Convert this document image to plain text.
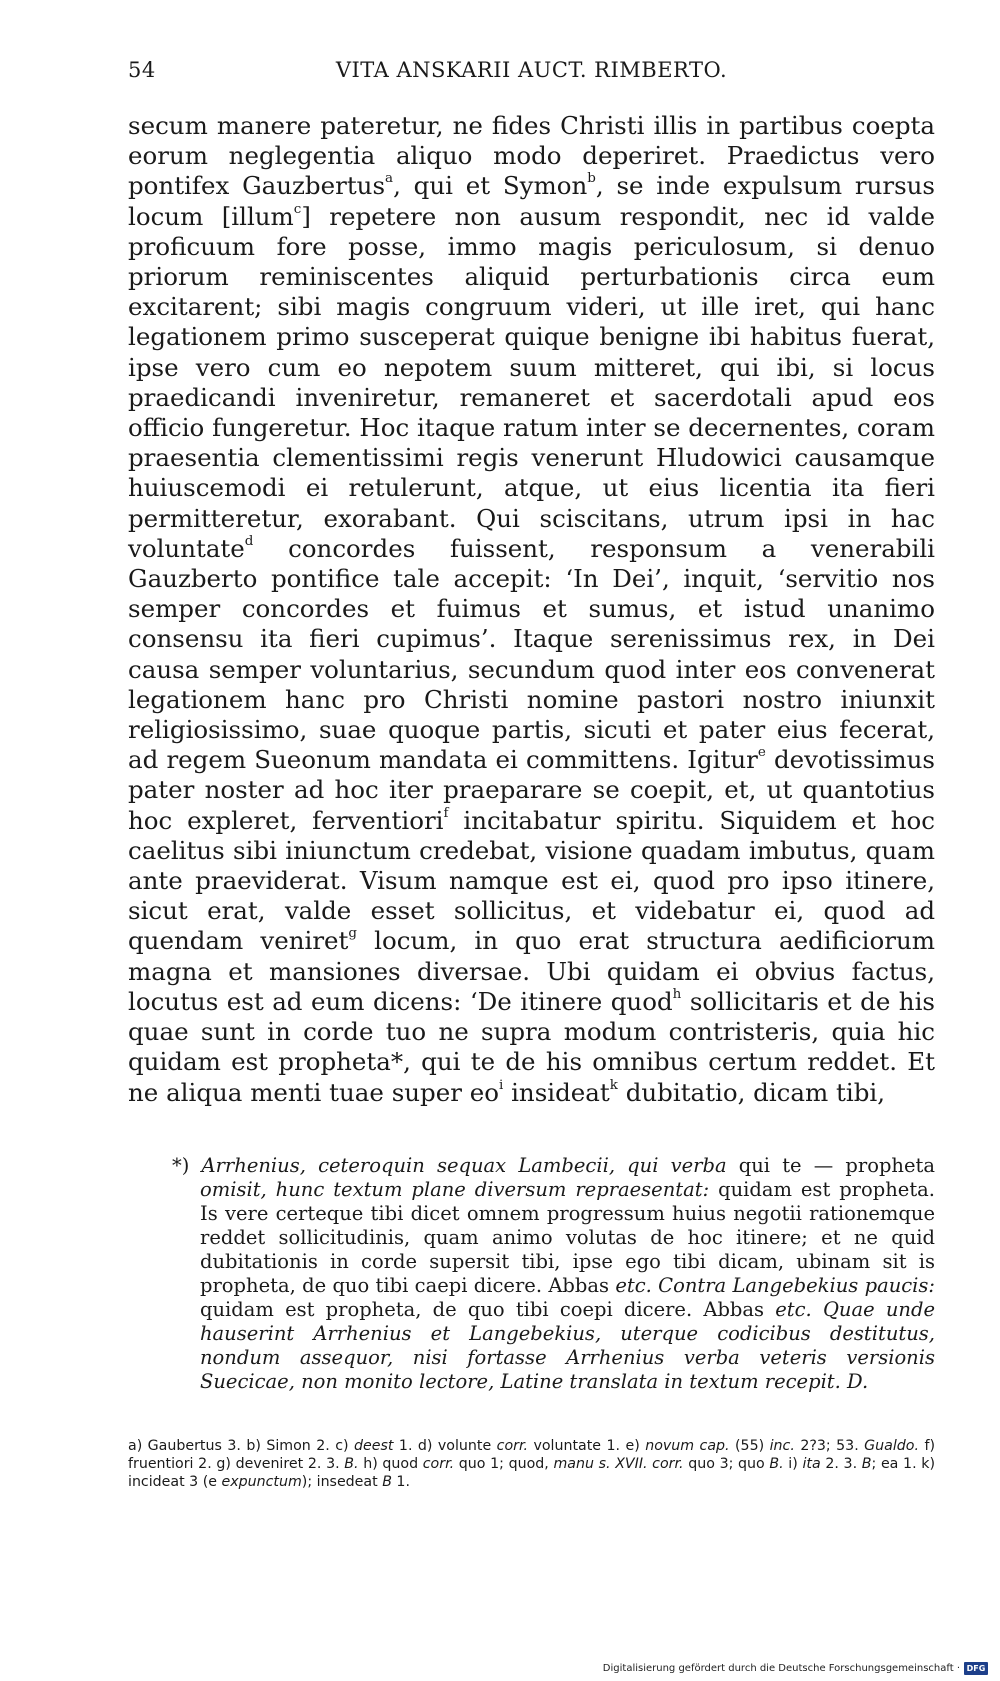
54	VITA ANSKARII AUCT. RIMBERTO.

secum manere pateretur, ne fides Christi illis in partibus coepta eorum neglegentia aliquo modo deperiret. Praedictus vero pontifex Gauzbertus$^a$, qui et Symon$^b$, se inde expulsum rursus locum [illum$^c$] repetere non ausum respondit, nec id valde proficuum fore posse, immo magis periculosum, si denuo priorum reminiscentes aliquid perturbationis circa eum excitarent; sibi magis congruum videri, ut ille iret, qui hanc legationem primo susceperat quique benigne ibi habitus fuerat, ipse vero cum eo nepotem suum mitteret, qui ibi, si locus praedicandi inveniretur, remaneret et sacerdotali apud eos officio fungeretur. Hoc itaque ratum inter se decernentes, coram praesentia clementissimi regis venerunt Hludowici causamque huiuscemodi ei retulerunt, atque, ut eius licentia ita fieri permitteretur, exorabant. Qui sciscitans, utrum ipsi in hac voluntate$^d$ concordes fuissent, responsum a venerabili Gauzberto pontifice tale accepit: ‘In Dei’, inquit, ‘servitio nos semper concordes et fuimus et sumus, et istud unanimo consensu ita fieri cupimus’. Itaque serenissimus rex, in Dei causa semper voluntarius, secundum quod inter eos convenerat legationem hanc pro Christi nomine pastori nostro iniunxit religiosissimo, suae quoque partis, sicuti et pater eius fecerat, ad regem Sueonum mandata ei committens. Igitur$^e$ devotissimus pater noster ad hoc iter praeparare se coepit, et, ut quantotius hoc expleret, ferventiori$^f$ incitabatur spiritu. Siquidem et hoc caelitus sibi iniunctum credebat, visione quadam imbutus, quam ante praeviderat. Visum namque est ei, quod pro ipso itinere, sicut erat, valde esset sollicitus, et videbatur ei, quod ad quendam veniret$^g$ locum, in quo erat structura aedificiorum magna et mansiones diversae. Ubi quidam ei obvius factus, locutus est ad eum dicens: ‘De itinere quod$^h$ sollicitaris et de his quae sunt in corde tuo ne supra modum contristeris, quia hic quidam est propheta*, qui te de his omnibus certum reddet. Et ne aliqua menti tuae super $eo^i$ insideat$^k$ dubitatio, dicam tibi,

*) Arrhenius, ceteroquin sequax Lambecii, qui verba qui te — propheta omisit, hunc textum plane diversum repraesentat: quidam est propheta. Is vere certeque tibi dicet omnem progressum huius negotii rationemque reddet sollicitudinis, quam animo volutas de hoc itinere; et ne quid dubitationis in corde supersit tibi, ipse ego tibi dicam, ubinam sit is propheta, de quo tibi caepi dicere. Abbas etc. Contra Langebekius paucis: quidam est propheta, de quo tibi coepi dicere. Abbas etc. Quae unde hauserint Arrhenius et Langebekius, uterque codicibus destitutus, nondum assequor, nisi fortasse Arrhenius verba veteris versionis Suecicae, non monito lectore, Latine translata in textum recepit. D.

a) Gaubertus 3. b) Simon 2. c) deest 1. d) volunte corr. voluntate 1. e) novum cap. (55) inc. 2?3; 53. Gualdo. f) fruentiori 2. g) deveniret 2. 3. B. h) quod corr. quo 1; quod, manu s. XVII. corr. quo 3; quo B. i) ita 2. 3. B; ea 1. k) incideat 3 (e expunctum); insedeat B 1.

Digitalisierung gefördert durch die Deutsche Forschungsgemeinschaft · DFG
